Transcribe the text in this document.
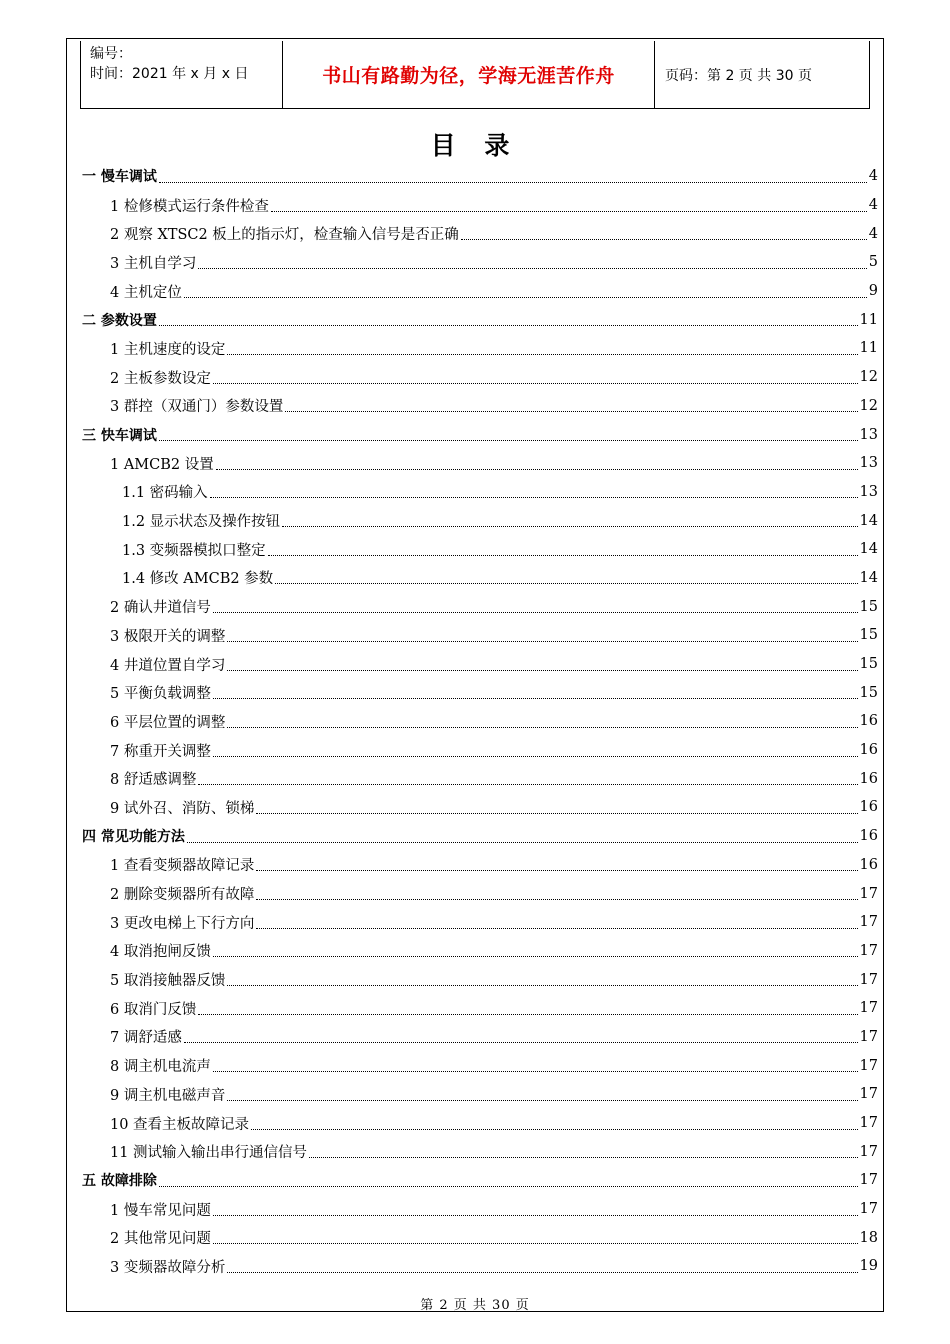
编号：
时间：2021 年 x 月 x 日	书山有路勤为径，学海无涯苦作舟	页码：第 2 页 共 30 页
目 录
一 慢车调试	4
1 检修模式运行条件检查	4
2 观察 XTSC2 板上的指示灯，检查输入信号是否正确	4
3 主机自学习	5
4 主机定位	9
二 参数设置	11
1 主机速度的设定	11
2 主板参数设定	12
3 群控（双通门）参数设置	12
三 快车调试	13
1 AMCB2 设置	13
1.1 密码输入	13
1.2 显示状态及操作按钮	14
1.3 变频器模拟口整定	14
1.4 修改 AMCB2 参数	14
2 确认井道信号	15
3 极限开关的调整	15
4 井道位置自学习	15
5 平衡负载调整	15
6 平层位置的调整	16
7 称重开关调整	16
8 舒适感调整	16
9 试外召、消防、锁梯	16
四 常见功能方法	16
1 查看变频器故障记录	16
2 删除变频器所有故障	17
3 更改电梯上下行方向	17
4 取消抱闸反馈	17
5 取消接触器反馈	17
6 取消门反馈	17
7 调舒适感	17
8 调主机电流声	17
9 调主机电磁声音	17
10 查看主板故障记录	17
11 测试输入输出串行通信信号	17
五 故障排除	17
1 慢车常见问题	17
2 其他常见问题	18
3 变频器故障分析	19
第 2 页 共 30 页
